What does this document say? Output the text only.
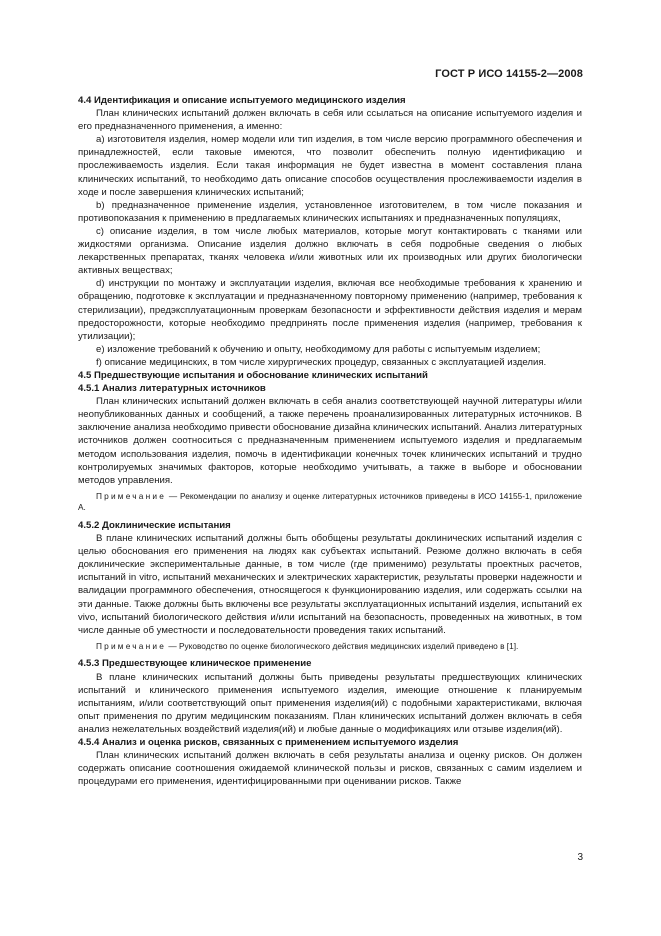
ГОСТ Р ИСО 14155-2—2008

4.4 Идентификация и описание испытуемого медицинского изделия

План клинических испытаний должен включать в себя или ссылаться на описание испытуемого изделия и его предназначенного применения, а именно:

а) изготовителя изделия, номер модели или тип изделия, в том числе версию программного обеспечения и принадлежностей, если таковые имеются, что позволит обеспечить полную идентификацию и прослеживаемость изделия. Если такая информация не будет известна в момент составления плана клинических испытаний, то необходимо дать описание способов осуществления прослеживаемости изделия в ходе и после завершения клинических испытаний;

b) предназначенное применение изделия, установленное изготовителем, в том числе показания и противопоказания к применению в предлагаемых клинических испытаниях и предназначенных популяциях,

с) описание изделия, в том числе любых материалов, которые могут контактировать с тканями или жидкостями организма. Описание изделия должно включать в себя подробные сведения о любых лекарственных препаратах, тканях человека и/или животных или их производных или других биологически активных веществах;

d) инструкции по монтажу и эксплуатации изделия, включая все необходимые требования к хранению и обращению, подготовке к эксплуатации и предназначенному повторному применению (например, требования к стерилизации), предэксплуатационным проверкам безопасности и эффективности действия изделия и мерам предосторожности, которые необходимо предпринять после применения изделия (например, требования к утилизации);

e) изложение требований к обучению и опыту, необходимому для работы с испытуемым изделием;

f) описание медицинских, в том числе хирургических процедур, связанных с эксплуатацией изделия.

4.5 Предшествующие испытания и обоснование клинических испытаний

4.5.1 Анализ литературных источников

План клинических испытаний должен включать в себя анализ соответствующей научной литературы и/или неопубликованных данных и сообщений, а также перечень проанализированных литературных источников. В заключение анализа необходимо привести обоснование дизайна клинических испытаний. Анализ литературных источников должен соотноситься с предназначенным применением испытуемого изделия и предлагаемым методом использования изделия, помочь в идентификации конечных точек клинических испытаний и трудно контролируемых значимых факторов, которые необходимо учитывать, а также в выборе и обосновании методов управления.

Примечание — Рекомендации по анализу и оценке литературных источников приведены в ИСО 14155-1, приложение А.

4.5.2 Доклинические испытания

В плане клинических испытаний должны быть обобщены результаты доклинических испытаний изделия с целью обоснования его применения на людях как субъектах испытаний. Резюме должно включать в себя доклинические экспериментальные данные, в том числе (где применимо) результаты проектных расчетов, испытаний in vitro, испытаний механических и электрических характеристик, результаты проверки надежности и валидации программного обеспечения, относящегося к функционированию изделия, или содержать ссылки на эти данные. Также должны быть включены все результаты эксплуатационных испытаний изделия, испытаний ex vivo, испытаний биологического действия и/или испытаний на безопасность, проведенных на животных, в том числе данные об уместности и последовательности проведения таких испытаний.

Примечание — Руководство по оценке биологического действия медицинских изделий приведено в [1].

4.5.3 Предшествующее клиническое применение

В плане клинических испытаний должны быть приведены результаты предшествующих клинических испытаний и клинического применения испытуемого изделия, имеющие отношение к планируемым испытаниям, и/или соответствующий опыт применения изделия(ий) с подобными характеристиками, включая опыт применения по другим медицинским показаниям. План клинических испытаний должен включать в себя анализ нежелательных воздействий изделия(ий) и любые данные о модификациях или отзыве изделия(ий).

4.5.4 Анализ и оценка рисков, связанных с применением испытуемого изделия

План клинических испытаний должен включать в себя результаты анализа и оценку рисков. Он должен содержать описание соотношения ожидаемой клинической пользы и рисков, связанных с самим изделием и процедурами его применения, идентифицированными при оценивании рисков. Также

3
